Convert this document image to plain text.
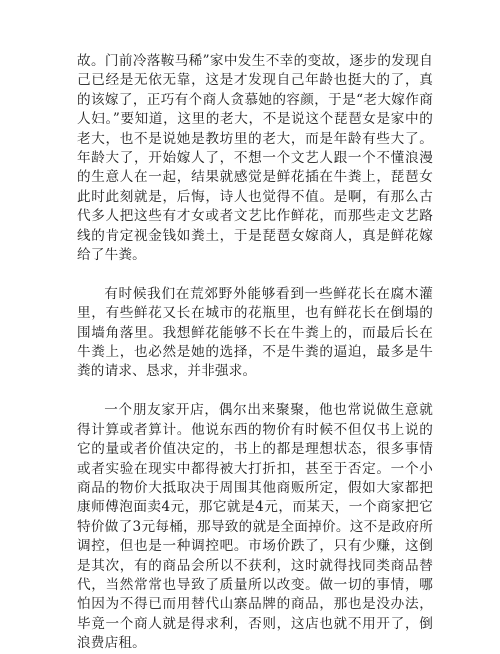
故。门前冷落鞍马稀”家中发生不幸的变故，逐步的发现自己已经是无依无靠，这是才发现自己年龄也挺大的了，真的该嫁了，正巧有个商人贪慕她的容颜，于是“老大嫁作商人妇。”要知道，这里的老大，不是说这个琵琶女是家中的老大，也不是说她是教坊里的老大，而是年龄有些大了。年龄大了，开始嫁人了，不想一个文艺人跟一个不懂浪漫的生意人在一起，结果就感觉是鲜花插在牛粪上，琵琶女此时此刻就是，后悔，诗人也觉得不值。是啊，有那么古代多人把这些有才女或者文艺比作鲜花，而那些走文艺路线的肯定视金钱如粪土，于是琵琶女嫁商人，真是鲜花嫁给了牛粪。

有时候我们在荒郊野外能够看到一些鲜花长在腐木灌里，有些鲜花又长在城市的花瓶里，也有鲜花长在倒塌的围墙角落里。我想鲜花能够不长在牛粪上的，而最后长在牛粪上，也必然是她的选择，不是牛粪的逼迫，最多是牛粪的请求、恳求，并非强求。

一个朋友家开店，偶尔出来聚聚，他也常说做生意就得计算或者算计。他说东西的物价有时候不但仅书上说的它的量或者价值决定的，书上的都是理想状态，很多事情或者实验在现实中都得被大打折扣，甚至于否定。一个小商品的物价大抵取决于周围其他商贩所定，假如大家都把康师傅泡面卖4元，那它就是4元，而某天，一个商家把它特价做了3元每桶，那导致的就是全面掉价。这不是政府所调控，但也是一种调控吧。市场价跌了，只有少赚，这倒是其次，有的商品会所以不获利，这时就得找同类商品替代，当然常常也导致了质量所以改变。做一切的事情，哪怕因为不得已而用替代山寨品牌的商品，那也是没办法，毕竟一个商人就是得求利，否则，这店也就不用开了，倒浪费店租。
